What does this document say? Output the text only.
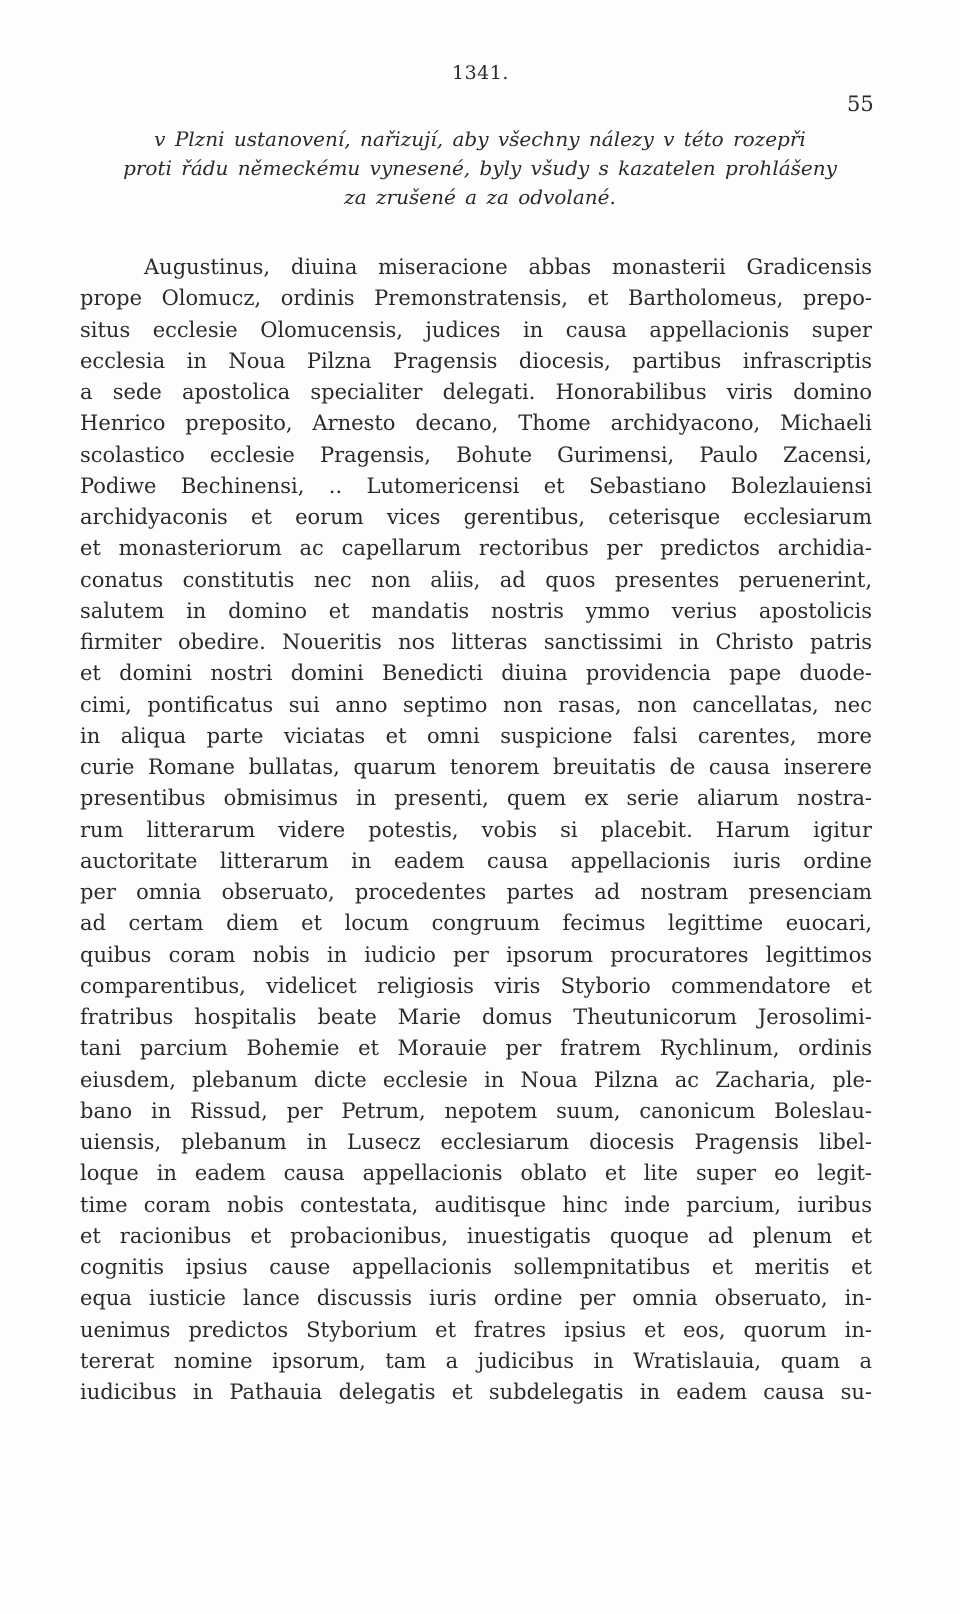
1341.
55
v Plzni ustanovení, nařizují, aby všechny nálezy v této rozepři
proti řádu německému vynesené, byly všudy s kazatelen prohlášeny
za zrušené a za odvolané.
Augustinus, diuina miseracione abbas monasterii Gradicensis
prope Olomucz, ordinis Premonstratensis, et Bartholomeus, prepo-
situs ecclesie Olomucensis, judices in causa appellacionis super
ecclesia in Noua Pilzna Pragensis diocesis, partibus infrascriptis
a sede apostolica specialiter delegati. Honorabilibus viris domino
Henrico preposito, Arnesto decano, Thome archidyacono, Michaeli
scolastico ecclesie Pragensis, Bohute Gurimensi, Paulo Zacensi,
Podiwe Bechinensi, .. Lutomericensi et Sebastiano Bolezlauiensi
archidyaconis et eorum vices gerentibus, ceterisque ecclesiarum
et monasteriorum ac capellarum rectoribus per predictos archidia-
conatus constitutis nec non aliis, ad quos presentes peruenerint,
salutem in domino et mandatis nostris ymmo verius apostolicis
firmiter obedire. Noueritis nos litteras sanctissimi in Christo patris
et domini nostri domini Benedicti diuina providencia pape duode-
cimi, pontificatus sui anno septimo non rasas, non cancellatas, nec
in aliqua parte viciatas et omni suspicione falsi carentes, more
curie Romane bullatas, quarum tenorem breuitatis de causa inserere
presentibus obmisimus in presenti, quem ex serie aliarum nostra-
rum litterarum videre potestis, vobis si placebit. Harum igitur
auctoritate litterarum in eadem causa appellacionis iuris ordine
per omnia obseruato, procedentes partes ad nostram presenciam
ad certam diem et locum congruum fecimus legittime euocari,
quibus coram nobis in iudicio per ipsorum procuratores legittimos
comparentibus, videlicet religiosis viris Styborio commendatore et
fratribus hospitalis beate Marie domus Theutunicorum Jerosolimi-
tani parcium Bohemie et Morauie per fratrem Rychlinum, ordinis
eiusdem, plebanum dicte ecclesie in Noua Pilzna ac Zacharia, ple-
bano in Rissud, per Petrum, nepotem suum, canonicum Boleslau-
uiensis, plebanum in Lusecz ecclesiarum diocesis Pragensis libel-
loque in eadem causa appellacionis oblato et lite super eo legit-
time coram nobis contestata, auditisque hinc inde parcium, iuribus
et racionibus et probacionibus, inuestigatis quoque ad plenum et
cognitis ipsius cause appellacionis sollempnitatibus et meritis et
equa iusticie lance discussis iuris ordine per omnia obseruato, in-
uenimus predictos Styborium et fratres ipsius et eos, quorum in-
tererat nomine ipsorum, tam a judicibus in Wratislauia, quam a
iudicibus in Pathauia delegatis et subdelegatis in eadem causa su-
